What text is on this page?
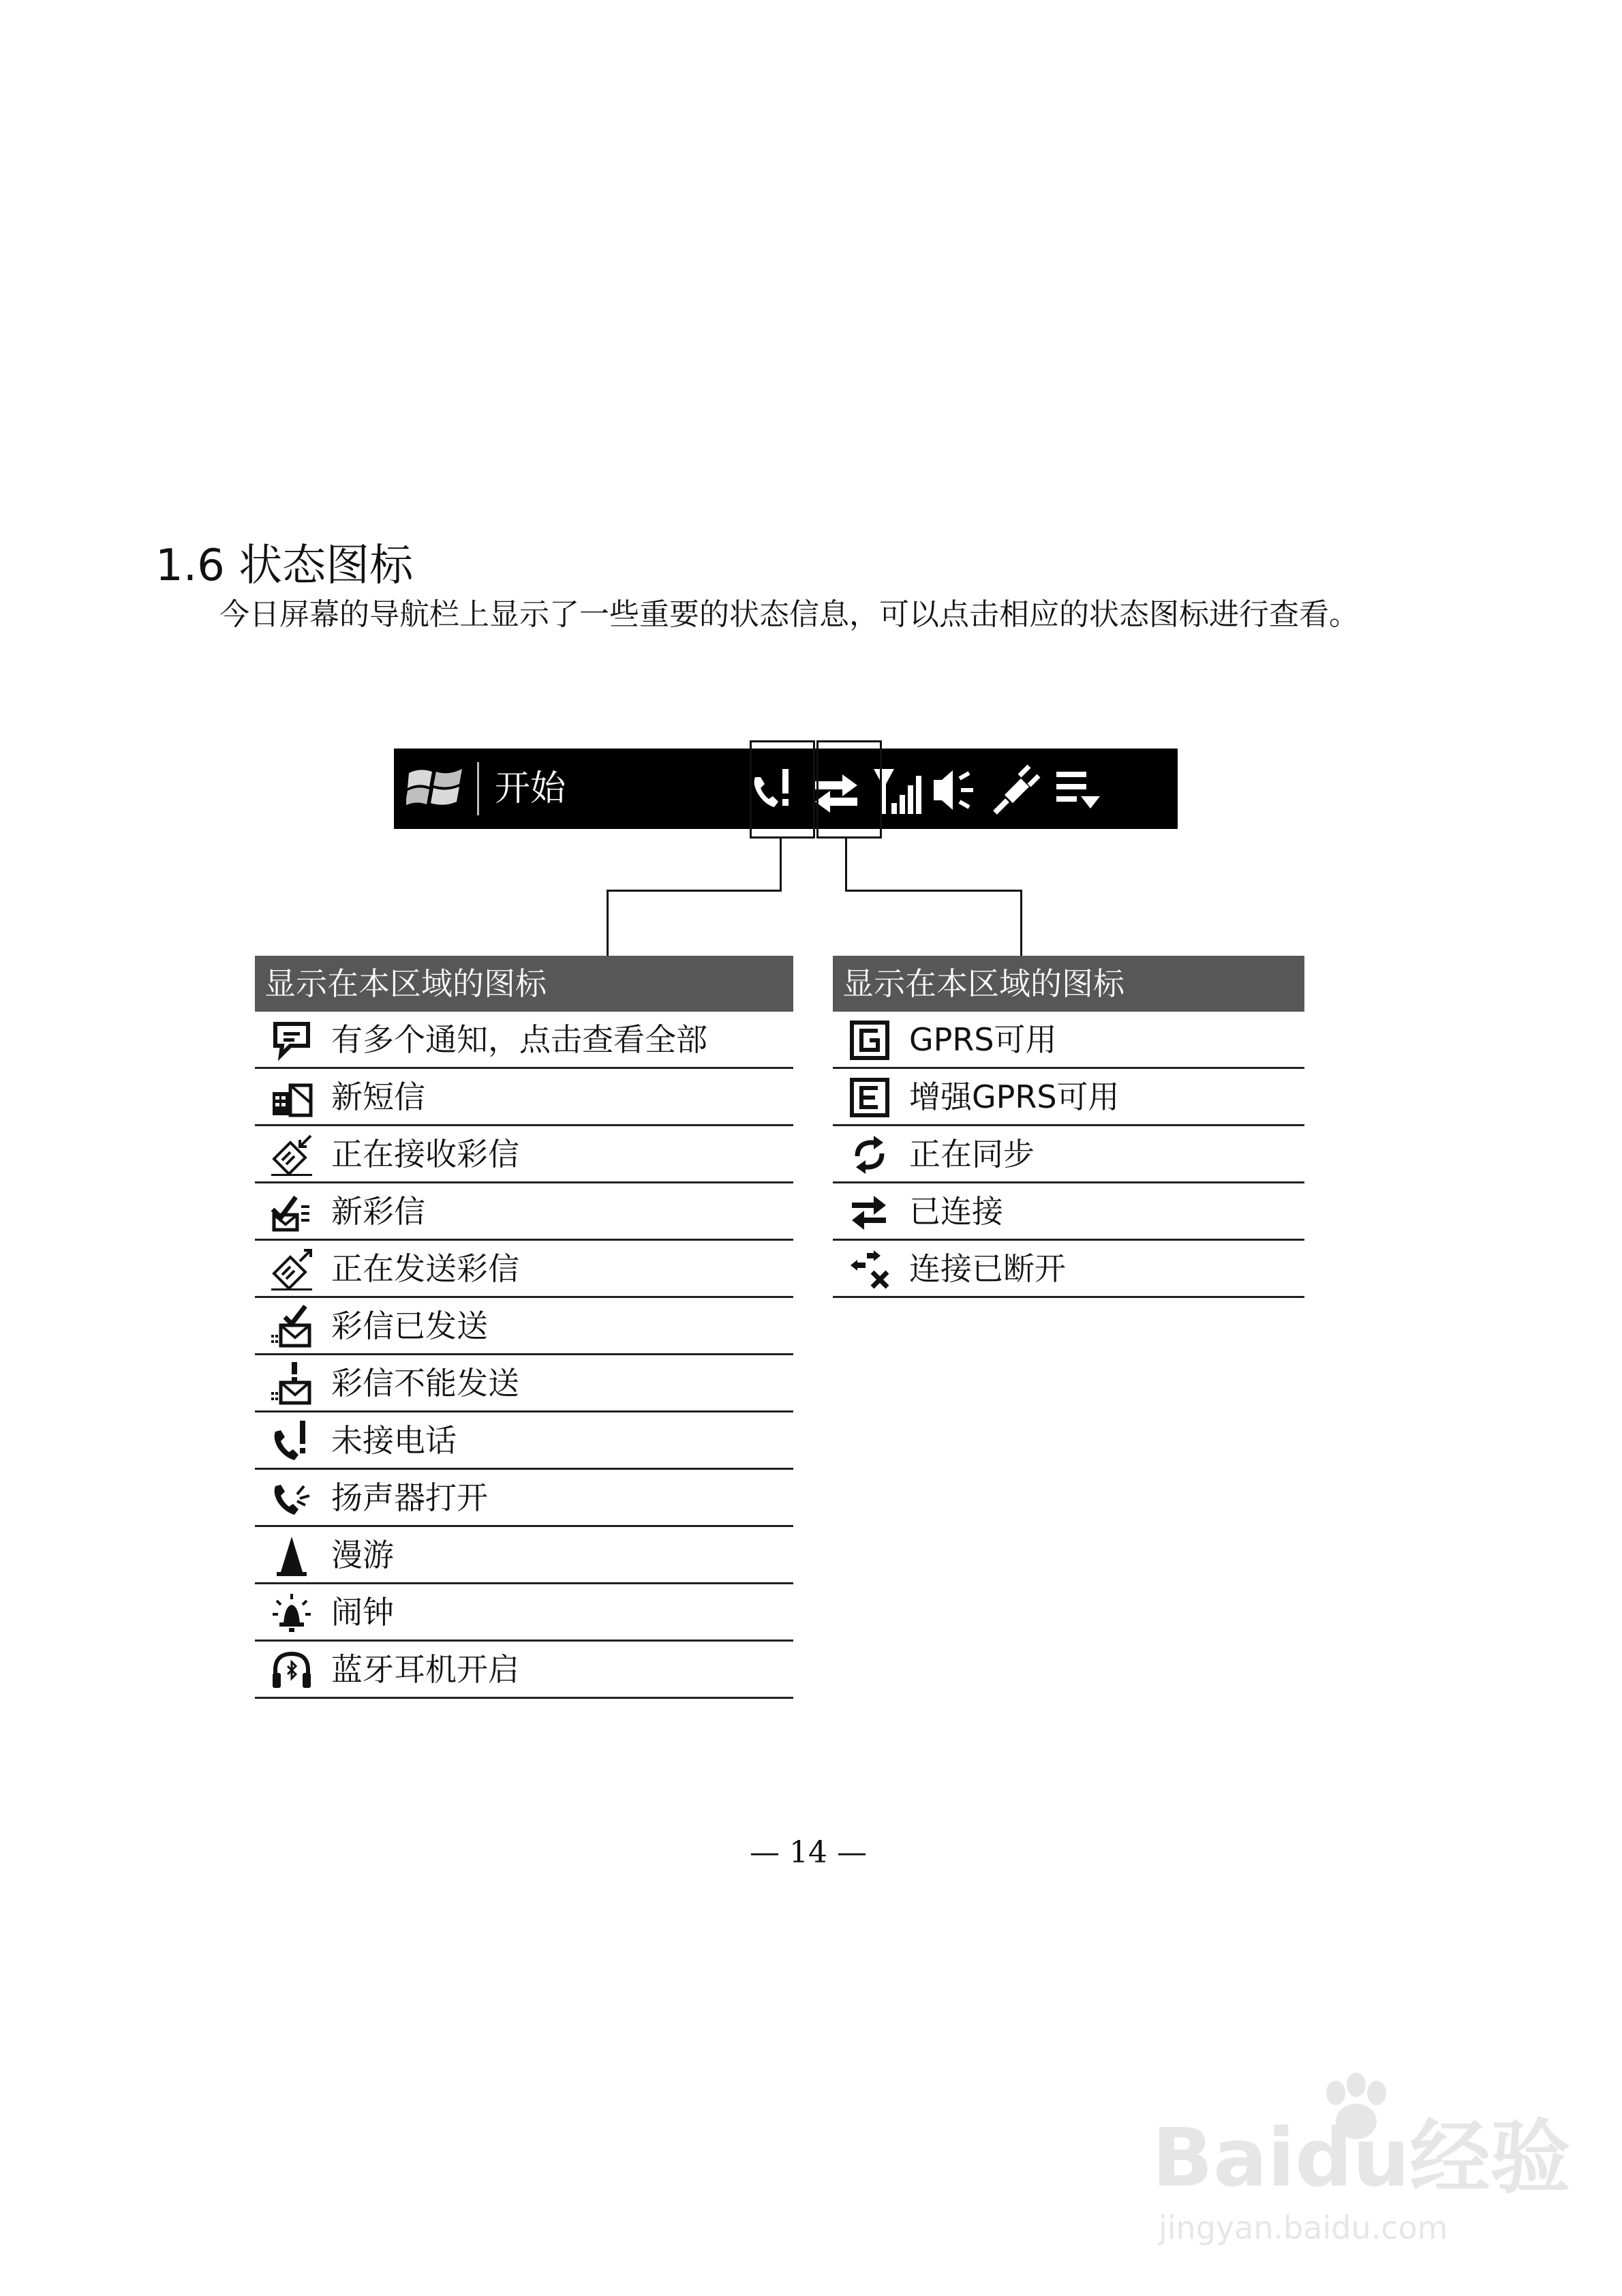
1.6 状态图标
今日屏幕的导航栏上显示了一些重要的状态信息，可以点击相应的状态图标进行查看。
开始
显示在本区域的图标
有多个通知，点击查看全部
新短信
正在接收彩信
新彩信
正在发送彩信
彩信已发送
彩信不能发送
未接电话
扬声器打开
漫游
闹钟
蓝牙耳机开启
显示在本区域的图标
GPRS可用
增强GPRS可用
正在同步
已连接
连接已断开
— 14 —
Baidu经验
jingyan.baidu.com
